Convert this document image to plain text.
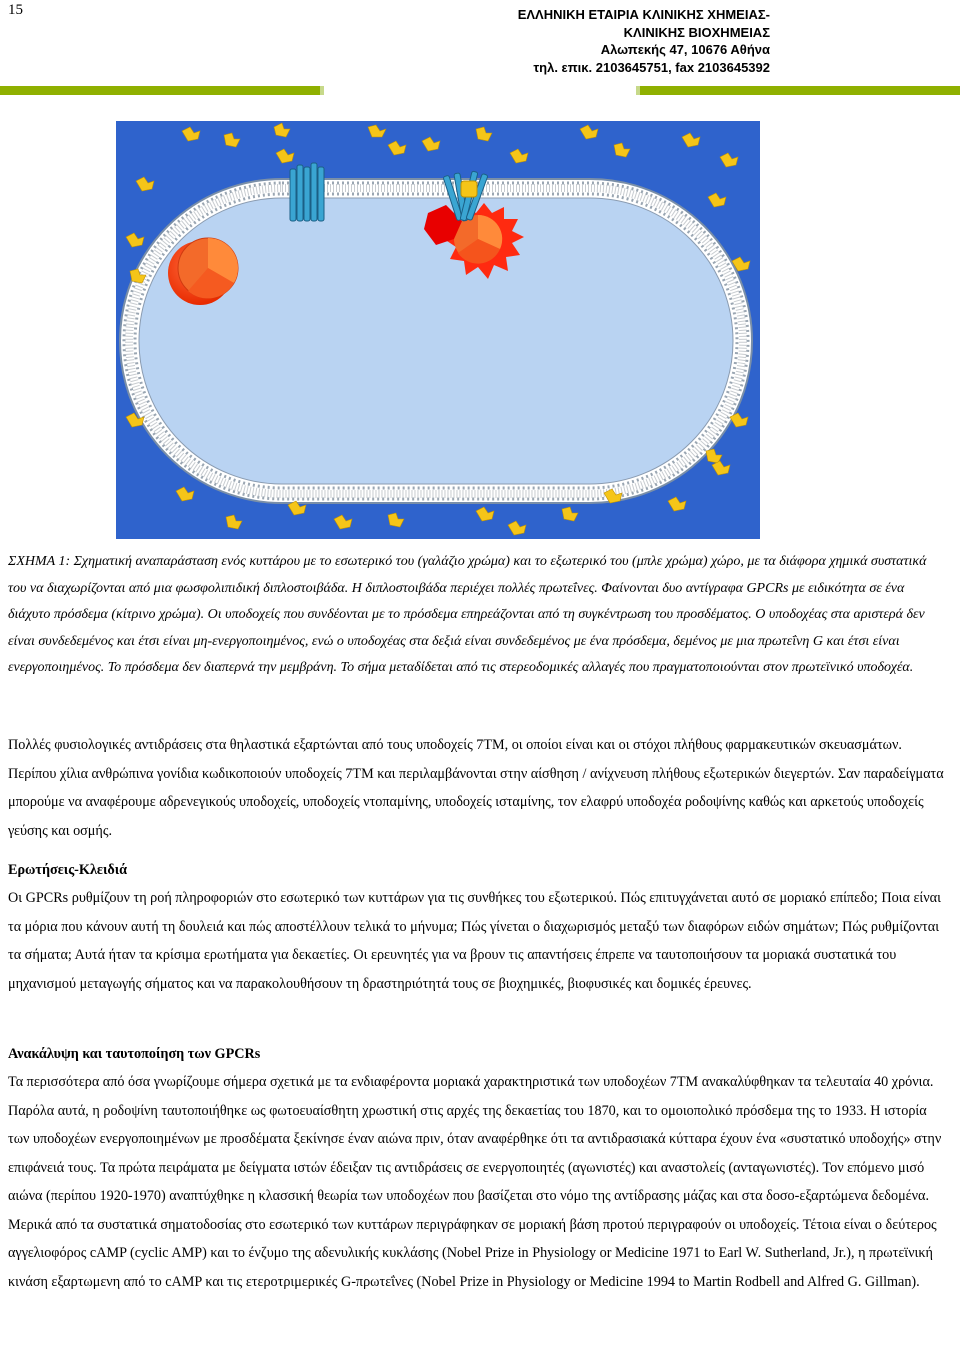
15	ΕΛΛΗΝΙΚΗ ΕΤΑΙΡΙΑ ΚΛΙΝΙΚΗΣ ΧΗΜΕΙΑΣ-
ΚΛΙΝΙΚΗΣ ΒΙΟΧΗΜΕΙΑΣ
Αλωπεκής 47, 10676 Αθήνα
τηλ. επικ. 2103645751, fax 2103645392
ΣΧΗΜΑ 1: Σχηματική αναπαράσταση ενός κυττάρου με το εσωτερικό του (γαλάζιο χρώμα) και το εξωτερικό του (μπλε χρώμα) χώρο, με τα διάφορα χημικά συστατικά του να διαχωρίζονται από μια φωσφολιπιδική διπλοστοιβάδα. Η διπλοστοιβάδα περιέχει πολλές πρωτεΐνες. Φαίνονται δυο αντίγραφα GPCRs με ειδικότητα σε ένα διάχυτο πρόσδεμα (κίτρινο χρώμα). Οι υποδοχείς που συνδέονται με το πρόσδεμα επηρεάζονται από τη συγκέντρωση του προσδέματος. Ο υποδοχέας στα αριστερά δεν είναι συνδεδεμένος και έτσι είναι μη-ενεργοποιημένος, ενώ ο υποδοχέας στα δεξιά είναι συνδεδεμένος με ένα πρόσδεμα, δεμένος με μια πρωτεΐνη G και έτσι είναι ενεργοποιημένος. Το πρόσδεμα δεν διαπερνά την μεμβράνη. Το σήμα μεταδίδεται από τις στερεοδομικές αλλαγές που πραγματοποιούνται στον πρωτεϊνικό υποδοχέα.

Πολλές φυσιολογικές αντιδράσεις στα θηλαστικά εξαρτώνται από τους υποδοχείς 7ΤΜ, οι οποίοι είναι και οι στόχοι πλήθους φαρμακευτικών σκευασμάτων. Περίπου χίλια ανθρώπινα γονίδια κωδικοποιούν υποδοχείς 7ΤΜ και περιλαμβάνονται στην αίσθηση / ανίχνευση πλήθους εξωτερικών διεγερτών. Σαν παραδείγματα μπορούμε να αναφέρουμε αδρενεγικούς υποδοχείς, υποδοχείς ντοπαμίνης, υποδοχείς ισταμίνης, τον ελαφρύ υποδοχέα ροδοψίνης καθώς και αρκετούς υποδοχείς γεύσης και οσμής.

Ερωτήσεις-Κλειδιά

Οι GPCRs ρυθμίζουν τη ροή πληροφοριών στο εσωτερικό των κυττάρων για τις συνθήκες του εξωτερικού. Πώς επιτυγχάνεται αυτό σε μοριακό επίπεδο; Ποια είναι τα μόρια που κάνουν αυτή τη δουλειά και πώς αποστέλλουν τελικά το μήνυμα; Πώς γίνεται ο διαχωρισμός μεταξύ των διαφόρων ειδών σημάτων; Πώς ρυθμίζονται τα σήματα; Αυτά ήταν τα κρίσιμα ερωτήματα για δεκαετίες. Οι ερευνητές για να βρουν τις απαντήσεις έπρεπε να ταυτοποιήσουν τα μοριακά συστατικά του μηχανισμού μεταγωγής σήματος και να παρακολουθήσουν τη δραστηριότητά τους σε βιοχημικές, βιοφυσικές και δομικές έρευνες.

Ανακάλυψη και ταυτοποίηση των GPCRs

Τα περισσότερα από όσα γνωρίζουμε σήμερα σχετικά με τα ενδιαφέροντα μοριακά χαρακτηριστικά των υποδοχέων 7ΤΜ ανακαλύφθηκαν τα τελευταία 40 χρόνια. Παρόλα αυτά, η ροδοψίνη ταυτοποιήθηκε ως φωτοευαίσθητη χρωστική στις αρχές της δεκαετίας του 1870, και το ομοιοπολικό πρόσδεμα της το 1933. Η ιστορία των υποδοχέων ενεργοποιημένων με προσδέματα ξεκίνησε έναν αιώνα πριν, όταν αναφέρθηκε ότι τα αντιδρασιακά κύτταρα έχουν ένα «συστατικό υποδοχής» στην επιφάνειά τους. Τα πρώτα πειράματα με δείγματα ιστών έδειξαν τις αντιδράσεις σε ενεργοποιητές (αγωνιστές) και αναστολείς (ανταγωνιστές). Τον επόμενο μισό αιώνα (περίπου 1920-1970) αναπτύχθηκε η κλασσική θεωρία των υποδοχέων που βασίζεται στο νόμο της αντίδρασης μάζας και στα δοσο-εξαρτώμενα δεδομένα.

Μερικά από τα συστατικά σηματοδοσίας στο εσωτερικό των κυττάρων περιγράφηκαν σε μοριακή βάση προτού περιγραφούν οι υποδοχείς. Τέτοια είναι ο δεύτερος αγγελιοφόρος cAMP (cyclic AMP) και το ένζυμο της αδενυλικής κυκλάσης (Nobel Prize in Physiology or Medicine 1971 to Earl W. Sutherland, Jr.), η πρωτεϊνική κινάση εξαρτωμενη από το cAMP και τις ετεροτριμερικές G-πρωτεΐνες (Nobel Prize in Physiology or Medicine 1994 to Martin Rodbell and Alfred G. Gillman).
